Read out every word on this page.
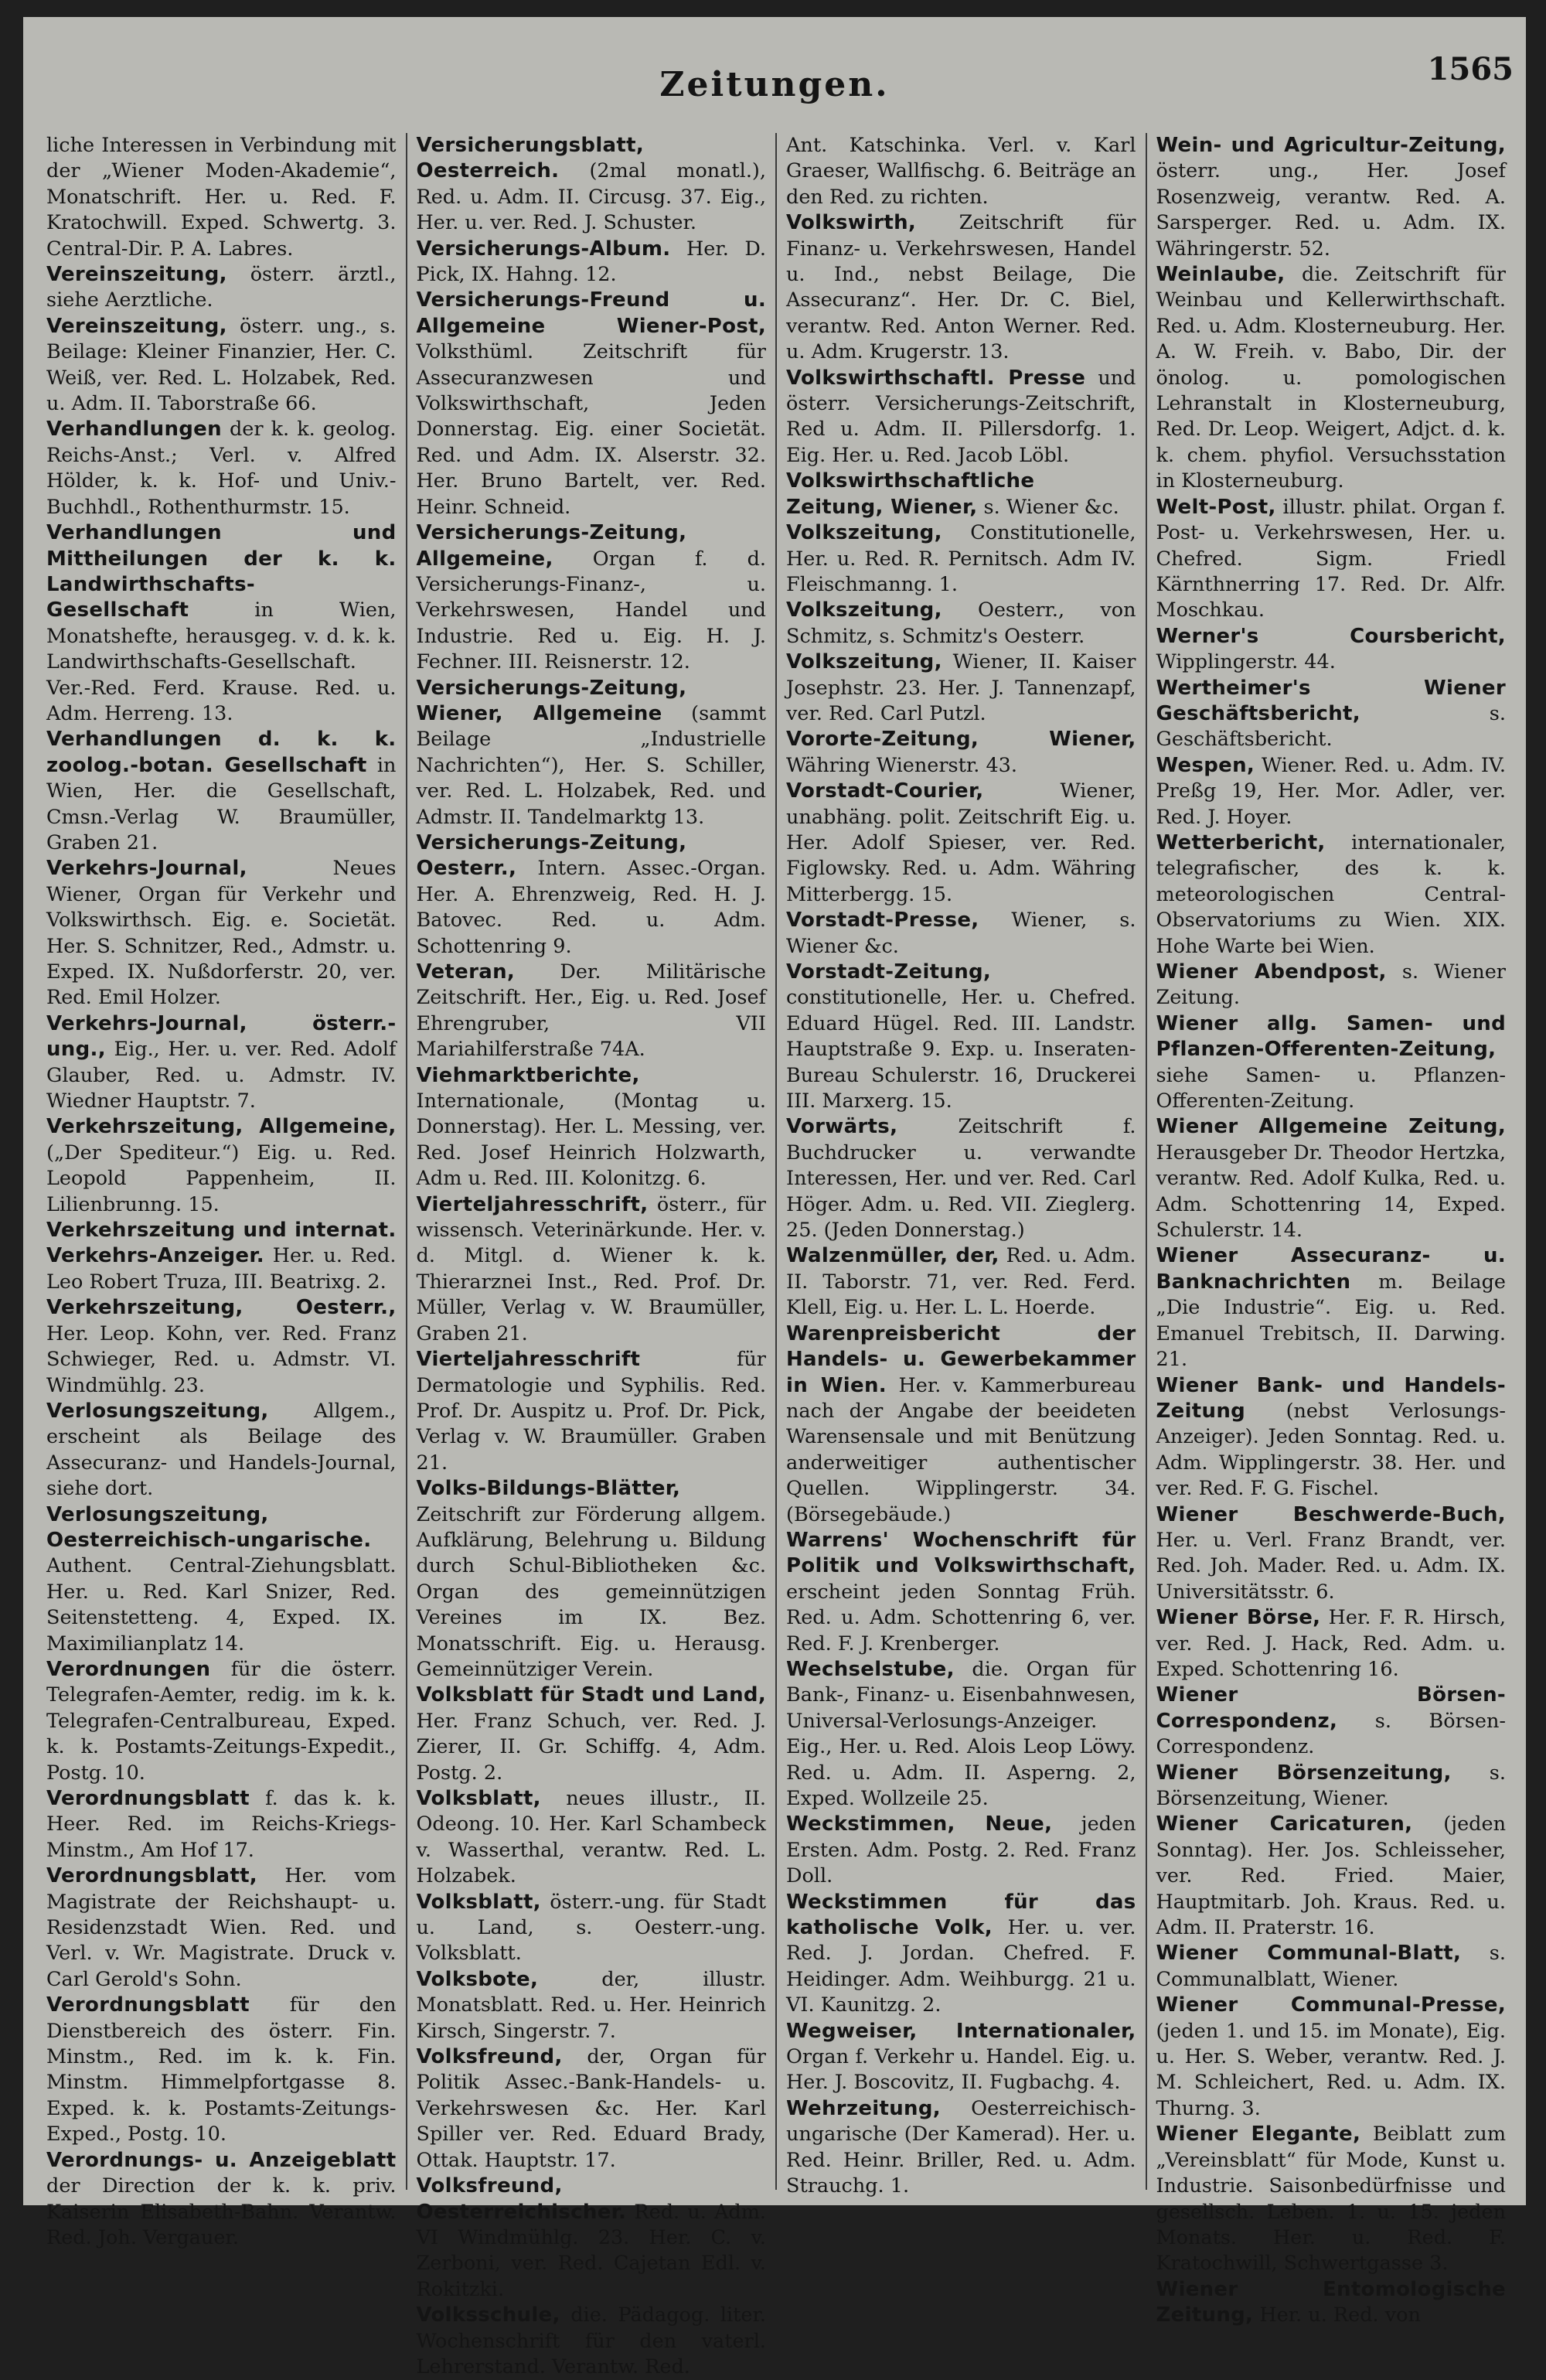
Zeitungen.	1565

liche Interessen in Verbindung mit der „Wiener Moden-Akademie“, Monatschrift. Her. u. Red. F. Kratochwill. Exped. Schwertg. 3. Central-Dir. P. A. Labres.

Vereinszeitung, österr. ärztl., siehe Aerztliche.

Vereinszeitung, österr. ung., s. Beilage: Kleiner Finanzier, Her. C. Weiß, ver. Red. L. Holzabek, Red. u. Adm. II. Taborstraße 66.

Verhandlungen der k. k. geolog. Reichs-Anst.; Verl. v. Alfred Hölder, k. k. Hof- und Univ.-Buchhdl., Rothenthurmstr. 15.

Verhandlungen und Mittheilungen der k. k. Landwirthschafts-Gesellschaft	in Wien, Monatshefte, herausgeg. v. d. k. k. Landwirthschafts-Gesellschaft. Ver.-Red. Ferd. Krause. Red. u. Adm. Herreng. 13.

Verhandlungen d. k. k. zoolog.-botan. Gesellschaft in Wien, Her. die Gesellschaft, Cmsn.-Verlag W. Braumüller, Graben 21.

Verkehrs-Journal,	Neues Wiener, Organ für Verkehr und Volkswirthsch. Eig. e. Societät. Her. S. Schnitzer, Red., Admstr. u. Exped. IX. Nußdorferstr. 20, ver. Red. Emil Holzer.

Verkehrs-Journal, österr.-ung., Eig., Her. u. ver. Red. Adolf Glauber, Red. u. Admstr. IV. Wiedner Hauptstr. 7.

Verkehrszeitung, Allgemeine, („Der Spediteur.“) Eig. u. Red. Leopold Pappenheim, II. Lilienbrunng. 15.

Verkehrszeitung und internat. Verkehrs-Anzeiger. Her. u. Red. Leo Robert Truza, III. Beatrixg. 2.

Verkehrszeitung, Oesterr., Her. Leop. Kohn, ver. Red. Franz Schwieger, Red. u. Admstr. VI. Windmühlg. 23.

Verlosungszeitung, Allgem., erscheint als Beilage des Assecuranz- und Handels-Journal, siehe dort.

Verlosungszeitung, Oesterreichisch-ungarische. Authent. Central-Ziehungsblatt. Her. u. Red. Karl Snizer, Red. Seitenstetteng. 4, Exped. IX. Maximilianplatz 14.

Verordnungen für die österr. Telegrafen-Aemter, redig. im k. k. Telegrafen-Centralbureau, Exped. k. k. Postamts-Zeitungs-Expedit., Postg. 10.

Verordnungsblatt f. das k. k. Heer. Red. im Reichs-Kriegs-Minstm., Am Hof 17.

Verordnungsblatt, Her. vom Magistrate der Reichshaupt- u. Residenzstadt Wien. Red. und Verl. v. Wr. Magistrate. Druck v. Carl Gerold's Sohn.

Verordnungsblatt für den Dienstbereich des österr. Fin. Minstm., Red. im k. k. Fin. Minstm. Himmelpfortgasse 8. Exped. k. k. Postamts-Zeitungs-Exped., Postg. 10.

Verordnungs- u. Anzeigeblatt der Direction der k. k. priv. Kaiserin Elisabeth-Bahn. Verantw. Red. Joh. Vergauer.

Versicherungsblatt, Oesterreich. (2mal monatl.), Red. u. Adm. II. Circusg. 37. Eig., Her. u. ver. Red. J. Schuster.

Versicherungs-Album. Her. D. Pick, IX. Hahng. 12.

Versicherungs-Freund u. Allgemeine Wiener-Post, Volksthüml. Zeitschrift für Assecuranzwesen und Volkswirthschaft, Jeden Donnerstag. Eig. einer Societät. Red. und Adm. IX. Alserstr. 32. Her. Bruno Bartelt, ver. Red. Heinr. Schneid.

Versicherungs-Zeitung, Allgemeine, Organ f. d. Versicherungs-Finanz-, u. Verkehrswesen, Handel und Industrie. Red u. Eig. H. J. Fechner. III. Reisnerstr. 12.

Versicherungs-Zeitung, Wiener, Allgemeine (sammt Beilage „Industrielle Nachrichten“), Her. S. Schiller, ver. Red. L. Holzabek, Red. und Admstr. II. Tandelmarktg 13.

Versicherungs-Zeitung, Oesterr., Intern. Assec.-Organ. Her. A. Ehrenzweig, Red. H. J. Batovec. Red. u. Adm. Schottenring 9.

Veteran, Der. Militärische Zeitschrift. Her., Eig. u. Red. Josef Ehrengruber, VII Mariahilferstraße 74A.

Viehmarktberichte, Internationale, (Montag u. Donnerstag). Her. L. Messing, ver. Red. Josef Heinrich Holzwarth, Adm u. Red. III. Kolonitzg. 6.

Vierteljahresschrift, österr., für wissensch. Veterinärkunde. Her. v. d. Mitgl. d. Wiener k. k. Thierarznei Inst., Red. Prof. Dr. Müller, Verlag v. W. Braumüller, Graben 21.

Vierteljahresschrift	für Dermatologie und Syphilis. Red. Prof. Dr. Auspitz u. Prof. Dr. Pick, Verlag v. W. Braumüller. Graben 21.

Volks-Bildungs-Blätter, Zeitschrift zur Förderung allgem. Aufklärung, Belehrung u. Bildung durch Schul-Bibliotheken &c. Organ des gemeinnützigen Vereines im IX. Bez. Monatsschrift. Eig. u. Herausg. Gemeinnütziger Verein.

Volksblatt für Stadt und Land, Her. Franz Schuch, ver. Red. J. Zierer, II. Gr. Schiffg. 4, Adm. Postg. 2.

Volksblatt, neues illustr., II. Odeong. 10. Her. Karl Schambeck v. Wasserthal, verantw. Red. L. Holzabek.

Volksblatt, österr.-ung. für Stadt u. Land, s. Oesterr.-ung. Volksblatt.

Volksbote,	der, illustr. Monatsblatt. Red. u. Her. Heinrich Kirsch, Singerstr. 7.

Volksfreund, der, Organ für Politik Assec.-Bank-Handels- u. Verkehrswesen &c. Her. Karl Spiller ver. Red. Eduard Brady, Ottak. Hauptstr. 17.

Volksfreund, Oesterreichischer. Red. u. Adm. VI Windmühlg. 23. Her. C. v. Zerboni, ver. Red. Cajetan Edl. v. Rokitzki.

Volksschule, die. Pädagog. liter. Wochenschrift für den vaterl. Lehrerstand. Verantw. Red.

Ant. Katschinka. Verl. v. Karl Graeser, Wallfischg. 6. Beiträge an den Red. zu richten.

Volkswirth, Zeitschrift für Finanz- u. Verkehrswesen, Handel u. Ind., nebst Beilage, Die Assecuranz“. Her. Dr. C. Biel, verantw. Red. Anton Werner. Red. u. Adm. Krugerstr. 13.

Volkswirthschaftl. Presse und österr. Versicherungs-Zeitschrift, Red u. Adm. II. Pillersdorfg. 1. Eig. Her. u. Red. Jacob Löbl.

Volkswirthschaftliche Zeitung, Wiener, s. Wiener &c.

Volkszeitung, Constitutionelle, Her. u. Red. R. Pernitsch. Adm IV. Fleischmanng. 1.

Volkszeitung, Oesterr., von Schmitz, s. Schmitz's Oesterr.

Volkszeitung, Wiener, II. Kaiser Josephstr. 23. Her. J. Tannenzapf, ver. Red. Carl Putzl.

Vororte-Zeitung, Wiener, Währing Wienerstr. 43.

Vorstadt-Courier,	Wiener, unabhäng. polit. Zeitschrift Eig. u. Her. Adolf Spieser, ver. Red. Figlowsky. Red. u. Adm. Währing Mitterbergg. 15.

Vorstadt-Presse, Wiener, s. Wiener &c.

Vorstadt-Zeitung, constitutionelle, Her. u. Chefred. Eduard Hügel. Red. III. Landstr. Hauptstraße 9. Exp. u. Inseraten-Bureau Schulerstr. 16, Druckerei III. Marxerg. 15.

Vorwärts,	Zeitschrift f. Buchdrucker u. verwandte Interessen, Her. und ver. Red. Carl Höger. Adm. u. Red. VII. Zieglerg. 25. (Jeden Donnerstag.)

Walzenmüller, der, Red. u. Adm. II. Taborstr. 71, ver. Red. Ferd. Klell, Eig. u. Her. L. L. Hoerde.

Warenpreisbericht der Handels- u. Gewerbekammer in Wien. Her. v. Kammerbureau nach der Angabe der beeideten Warensensale und mit Benützung anderweitiger authentischer Quellen. Wipplingerstr. 34. (Börsegebäude.)

Warrens' Wochenschrift für Politik und Volkswirthschaft, erscheint jeden Sonntag Früh. Red. u. Adm. Schottenring 6, ver. Red. F. J. Krenberger.

Wechselstube, die. Organ für Bank-, Finanz- u. Eisenbahnwesen, Universal-Verlosungs-Anzeiger. Eig., Her. u. Red. Alois Leop Löwy. Red. u. Adm. II. Asperng. 2, Exped. Wollzeile 25.

Weckstimmen, Neue, jeden Ersten. Adm. Postg. 2. Red. Franz Doll.

Weckstimmen für das katholische Volk, Her. u. ver. Red. J. Jordan. Chefred. F. Heidinger. Adm. Weihburgg. 21 u. VI. Kaunitzg. 2.

Wegweiser, Internationaler, Organ f. Verkehr u. Handel. Eig. u. Her. J. Boscovitz, II. Fugbachg. 4.

Wehrzeitung, Oesterreichisch-ungarische (Der Kamerad). Her. u. Red. Heinr. Briller, Red. u. Adm. Strauchg. 1.

Wein- und Agricultur-Zeitung, österr. ung., Her. Josef Rosenzweig, verantw. Red. A. Sarsperger. Red. u. Adm. IX. Währingerstr. 52.

Weinlaube, die. Zeitschrift für Weinbau und Kellerwirthschaft. Red. u. Adm. Klosterneuburg. Her. A. W. Freih. v. Babo, Dir. der önolog. u. pomologischen Lehranstalt in Klosterneuburg, Red. Dr. Leop. Weigert, Adjct. d. k. k. chem. phyfiol. Versuchsstation in Klosterneuburg.

Welt-Post, illustr. philat. Organ f. Post- u. Verkehrswesen, Her. u. Chefred. Sigm. Friedl Kärnthnerring 17. Red. Dr. Alfr. Moschkau.

Werner's Coursbericht, Wipplingerstr. 44.

Wertheimer's Wiener Geschäftsbericht,	s. Geschäftsbericht.

Wespen, Wiener. Red. u. Adm. IV. Preßg 19, Her. Mor. Adler, ver. Red. J. Hoyer.

Wetterbericht, internationaler, telegrafischer, des k. k. meteorologischen Central-Observatoriums zu Wien. XIX. Hohe Warte bei Wien.

Wiener Abendpost, s. Wiener Zeitung.

Wiener allg. Samen- und Pflanzen-Offerenten-Zeitung, siehe Samen- u. Pflanzen-Offerenten-Zeitung.

Wiener Allgemeine Zeitung, Herausgeber Dr. Theodor Hertzka, verantw. Red. Adolf Kulka, Red. u. Adm. Schottenring 14, Exped. Schulerstr. 14.

Wiener Assecuranz- u. Banknachrichten m. Beilage „Die Industrie“. Eig. u. Red. Emanuel Trebitsch, II. Darwing. 21.

Wiener Bank- und Handels-Zeitung (nebst Verlosungs-Anzeiger). Jeden Sonntag. Red. u. Adm. Wipplingerstr. 38. Her. und ver. Red. F. G. Fischel.

Wiener Beschwerde-Buch, Her. u. Verl. Franz Brandt, ver. Red. Joh. Mader. Red. u. Adm. IX. Universitätsstr. 6.

Wiener Börse, Her. F. R. Hirsch, ver. Red. J. Hack, Red. Adm. u. Exped. Schottenring 16.

Wiener Börsen-Correspondenz, s. Börsen-Correspondenz.

Wiener Börsenzeitung, s. Börsenzeitung, Wiener.

Wiener Caricaturen, (jeden Sonntag). Her. Jos. Schleisseher, ver. Red. Fried. Maier, Hauptmitarb. Joh. Kraus. Red. u. Adm. II. Praterstr. 16.

Wiener Communal-Blatt, s. Communalblatt, Wiener.

Wiener Communal-Presse, (jeden 1. und 15. im Monate), Eig. u. Her. S. Weber, verantw. Red. J. M. Schleichert, Red. u. Adm. IX. Thurng. 3.

Wiener Elegante, Beiblatt zum „Vereinsblatt“ für Mode, Kunst u. Industrie. Saisonbedürfnisse und gesellsch. Leben. 1. u. 15. jeden Monats. Her. u. Red. F. Kratochwill, Schwertgasse 3.

Wiener Entomologische Zeitung, Her. u. Red. von
